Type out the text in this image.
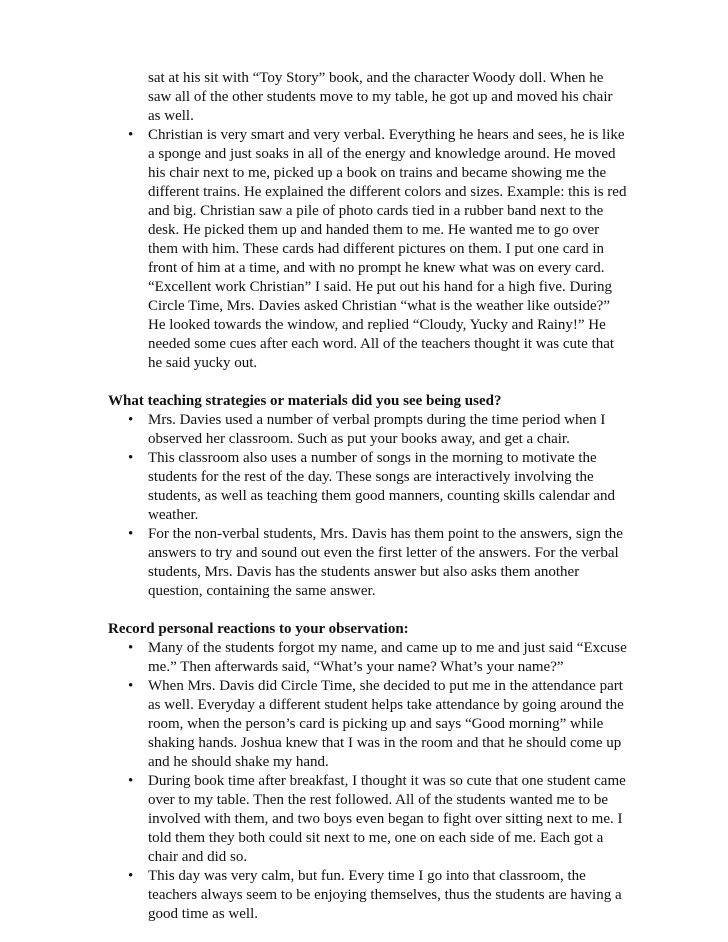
sat at his sit with “Toy Story” book, and the character Woody doll. When he saw all of the other students move to my table, he got up and moved his chair as well.

• Christian is very smart and very verbal. Everything he hears and sees, he is like a sponge and just soaks in all of the energy and knowledge around. He moved his chair next to me, picked up a book on trains and became showing me the different trains. He explained the different colors and sizes. Example: this is red and big. Christian saw a pile of photo cards tied in a rubber band next to the desk. He picked them up and handed them to me. He wanted me to go over them with him. These cards had different pictures on them. I put one card in front of him at a time, and with no prompt he knew what was on every card. “Excellent work Christian” I said. He put out his hand for a high five. During Circle Time, Mrs. Davies asked Christian “what is the weather like outside?” He looked towards the window, and replied “Cloudy, Yucky and Rainy!” He needed some cues after each word. All of the teachers thought it was cute that he said yucky out.

What teaching strategies or materials did you see being used?

• Mrs. Davies used a number of verbal prompts during the time period when I observed her classroom. Such as put your books away, and get a chair.
• This classroom also uses a number of songs in the morning to motivate the students for the rest of the day. These songs are interactively involving the students, as well as teaching them good manners, counting skills calendar and weather.
• For the non-verbal students, Mrs. Davis has them point to the answers, sign the answers to try and sound out even the first letter of the answers. For the verbal students, Mrs. Davis has the students answer but also asks them another question, containing the same answer.

Record personal reactions to your observation:

• Many of the students forgot my name, and came up to me and just said “Excuse me.” Then afterwards said, “What’s your name? What’s your name?”
• When Mrs. Davis did Circle Time, she decided to put me in the attendance part as well. Everyday a different student helps take attendance by going around the room, when the person’s card is picking up and says “Good morning” while shaking hands. Joshua knew that I was in the room and that he should come up and he should shake my hand.
• During book time after breakfast, I thought it was so cute that one student came over to my table. Then the rest followed. All of the students wanted me to be involved with them, and two boys even began to fight over sitting next to me. I told them they both could sit next to me, one on each side of me. Each got a chair and did so.
• This day was very calm, but fun. Every time I go into that classroom, the teachers always seem to be enjoying themselves, thus the students are having a good time as well.
